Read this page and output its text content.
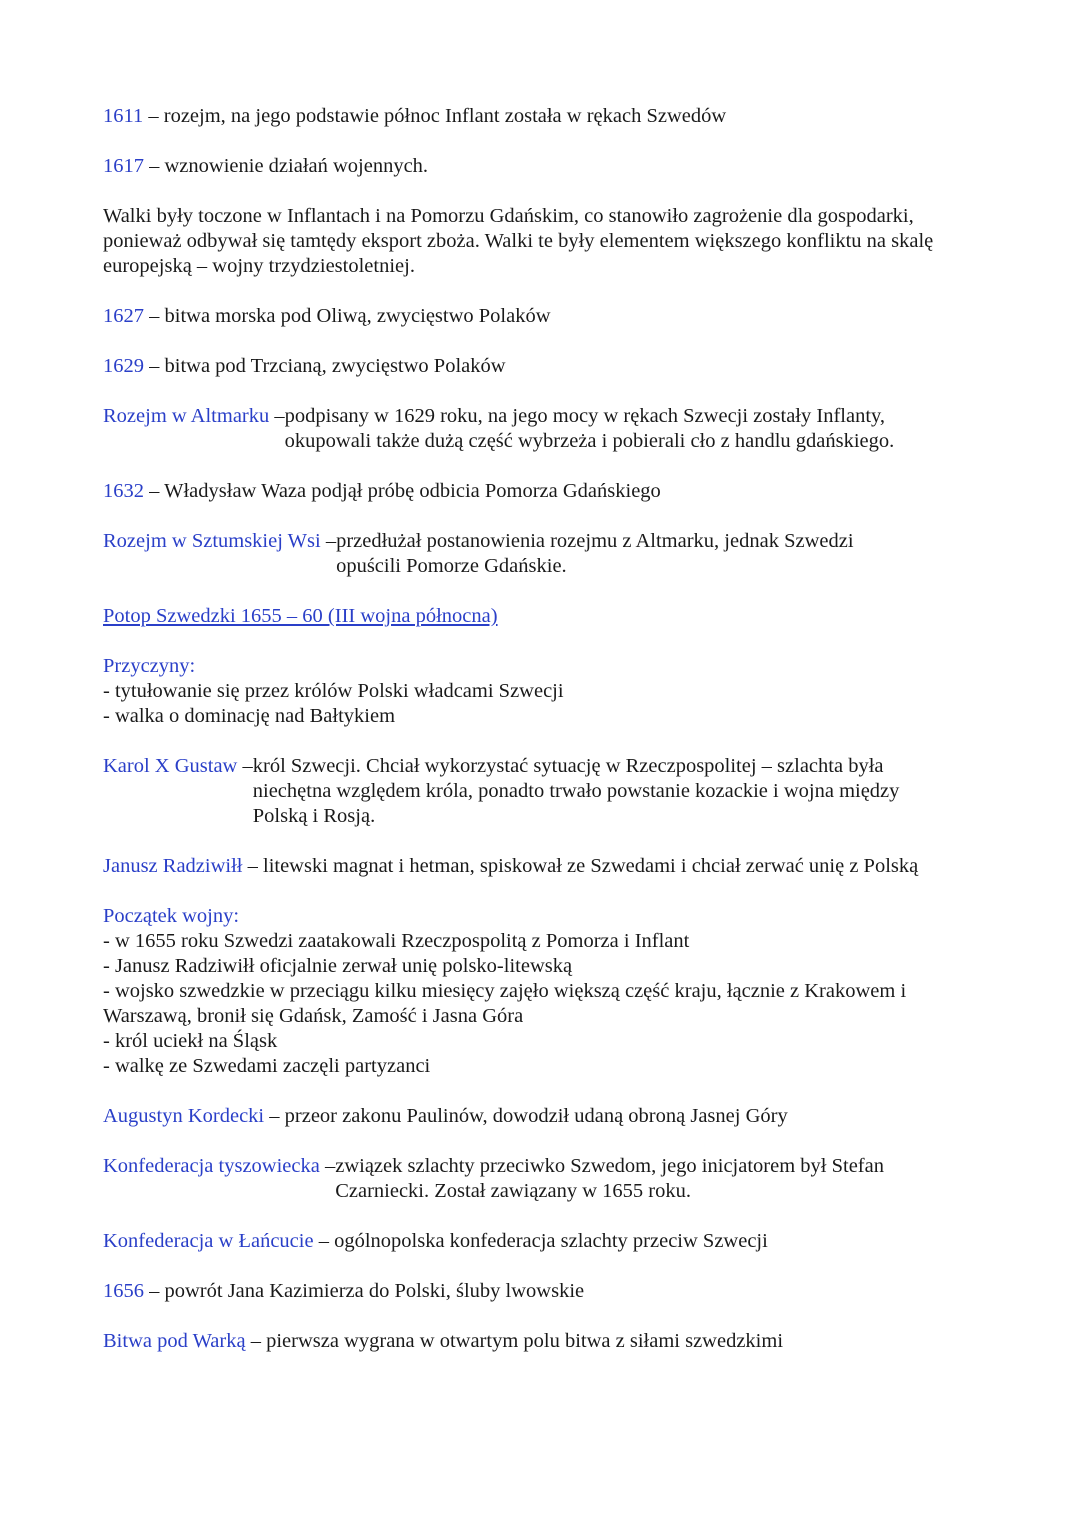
1611 – rozejm, na jego podstawie północ Inflant została w rękach Szwedów

1617 – wznowienie działań wojennych.

Walki były toczone w Inflantach i na Pomorzu Gdańskim, co stanowiło zagrożenie dla gospodarki, ponieważ odbywał się tamtędy eksport zboża. Walki te były elementem większego konfliktu na skalę europejską – wojny trzydziestoletniej.

1627 – bitwa morska pod Oliwą, zwycięstwo Polaków

1629 – bitwa pod Trzcianą, zwycięstwo Polaków

Rozejm w Altmarku – podpisany w 1629 roku, na jego mocy w rękach Szwecji zostały Inflanty, okupowali także dużą część wybrzeża i pobierali cło z handlu gdańskiego.

1632 – Władysław Waza podjął próbę odbicia Pomorza Gdańskiego

Rozejm w Sztumskiej Wsi – przedłużał postanowienia rozejmu z Altmarku, jednak Szwedzi opuścili Pomorze Gdańskie.

Potop Szwedzki 1655 – 60 (III wojna północna)

Przyczyny:
- tytułowanie się przez królów Polski władcami Szwecji
- walka o dominację nad Bałtykiem
Karol X Gustaw – król Szwecji. Chciał wykorzystać sytuację w Rzeczpospolitej – szlachta była niechętna względem króla, ponadto trwało powstanie kozackie i wojna między Polską i Rosją.

Janusz Radziwiłł – litewski magnat i hetman, spiskował ze Szwedami i chciał zerwać unię z Polską

Początek wojny:
- w 1655 roku Szwedzi zaatakowali Rzeczpospolitą z Pomorza i Inflant
- Janusz Radziwiłł oficjalnie zerwał unię polsko-litewską
- wojsko szwedzkie w przeciągu kilku miesięcy zajęło większą część kraju, łącznie z Krakowem i Warszawą, bronił się Gdańsk, Zamość i Jasna Góra
- król uciekł na Śląsk
- walkę ze Szwedami zaczęli partyzanci

Augustyn Kordecki – przeor zakonu Paulinów, dowodził udaną obroną Jasnej Góry

Konfederacja tyszowiecka – związek szlachty przeciwko Szwedom, jego inicjatorem był Stefan Czarniecki. Został zawiązany w 1655 roku.

Konfederacja w Łańcucie – ogólnopolska konfederacja szlachty przeciw Szwecji

1656 – powrót Jana Kazimierza do Polski, śluby lwowskie

Bitwa pod Warką – pierwsza wygrana w otwartym polu bitwa z siłami szwedzkimi
